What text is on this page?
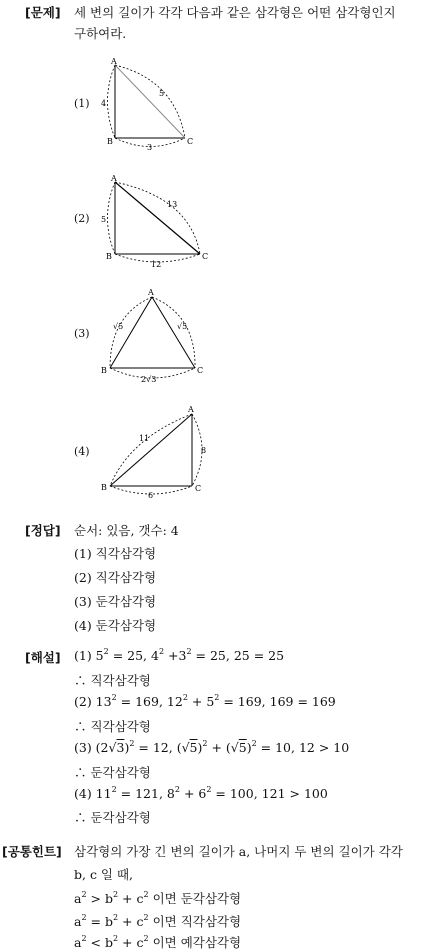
[문제] 세 변의 길이가 각각 다음과 같은 삼각형은 어떤 삼각형인지
구하여라.
(1)
A
B	C
4
3
5
(2)
A
B	C
5
12
13
(3)
A
B	C
√5
2√3
√5
(4)
A
B	C
11
6
8
[정답] 순서: 있음, 갯수: 4
(1) 직각삼각형
(2) 직각삼각형
(3) 둔각삼각형
(4) 둔각삼각형
[해설] (1) $5^2 = 25$, $4^2 +3^2 = 25$, 25 = 25
∴ 직각삼각형
(2) $13^2 = 169$, $12^2 + 5^2 = 169$, 169 = 169
∴ 직각삼각형
(3) $(2√3)^2 = 12$, $(√5)^2 + (√5)^2 = 10$, 12 > 10
∴ 둔각삼각형
(4) $11^2 = 121$, $8^2 + 6^2 = 100$, 121 > 100
∴ 둔각삼각형
[공통힌트] 삼각형의 가장 긴 변의 길이가 a, 나머지 두 변의 길이가 각각
b, c 일 때,
$a^2 > b^2 + c^2$ 이면 둔각삼각형
$a^2 = b^2 + c^2$ 이면 직각삼각형
$a^2 < b^2 + c^2$ 이면 예각삼각형
